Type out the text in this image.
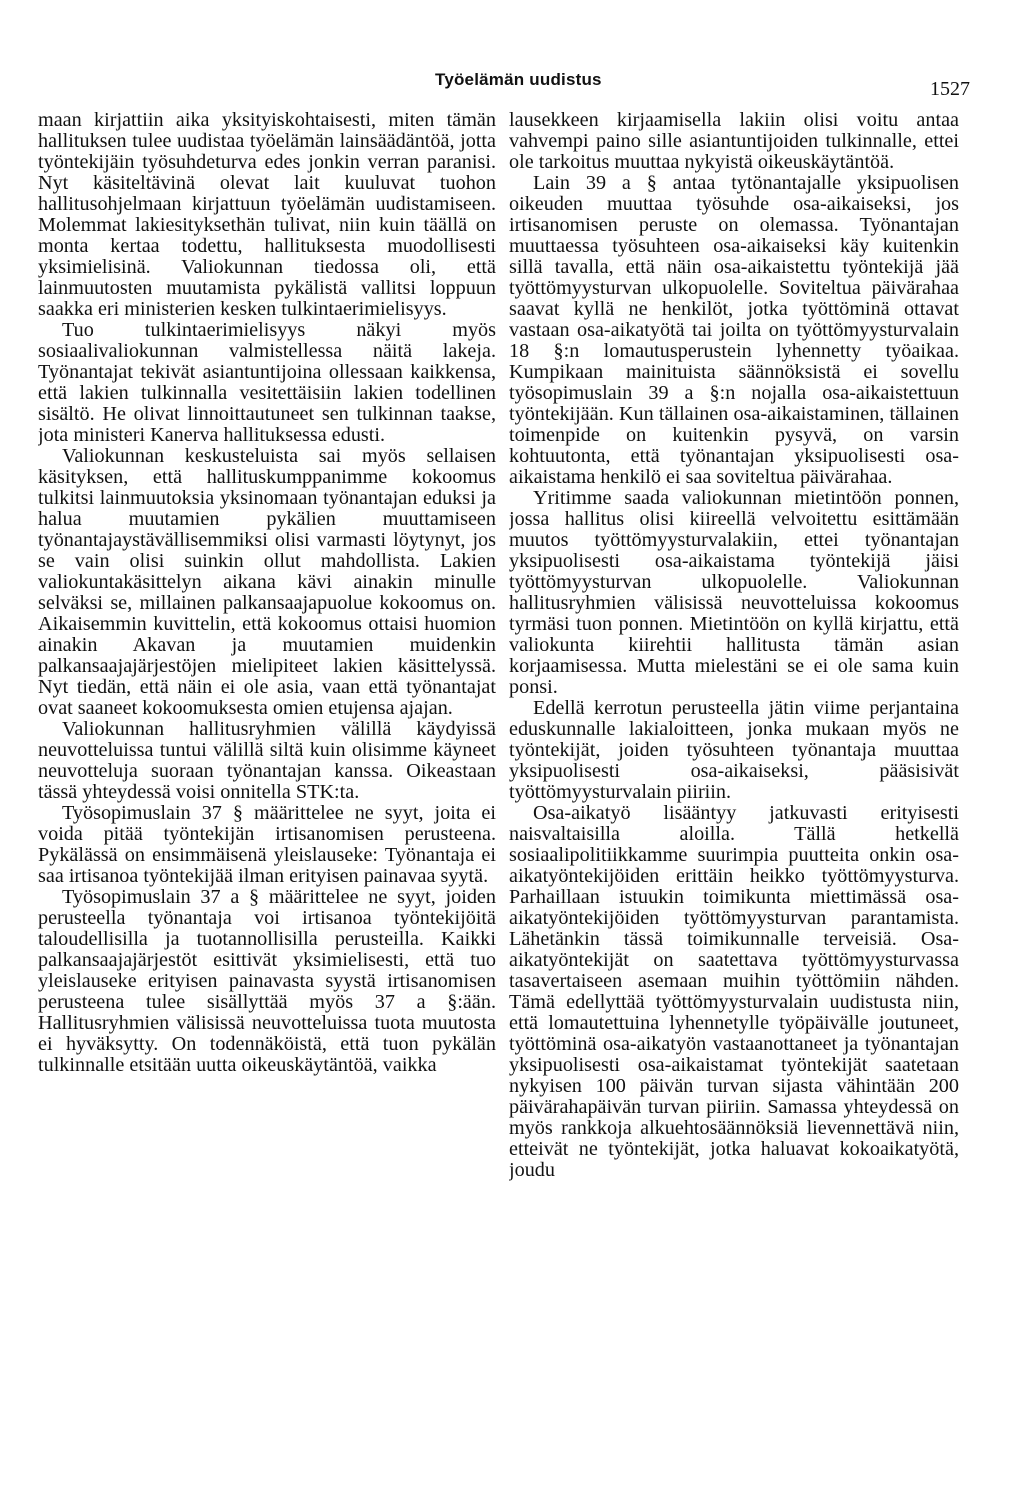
Työelämän uudistus	1527

maan kirjattiin aika yksityiskohtaisesti, miten tämän hallituksen tulee uudistaa työelämän lainsäädäntöä, jotta työntekijäin työsuhdeturva edes jonkin verran paranisi. Nyt käsiteltävinä olevat lait kuuluvat tuohon hallitusohjelmaan kirjattuun työelämän uudistamiseen. Molemmat lakiesityksethän tulivat, niin kuin täällä on monta kertaa todettu, hallituksesta muodollisesti yksimielisinä. Valiokunnan tiedossa oli, että lainmuutosten muutamista pykälistä vallitsi loppuun saakka eri ministerien kesken tulkintaerimielisyys.

Tuo tulkintaerimielisyys näkyi myös sosiaalivaliokunnan valmistellessa näitä lakeja. Työnantajat tekivät asiantuntijoina ollessaan kaikkensa, että lakien tulkinnalla vesitettäisiin lakien todellinen sisältö. He olivat linnoittautuneet sen tulkinnan taakse, jota ministeri Kanerva hallituksessa edusti.

Valiokunnan keskusteluista sai myös sellaisen käsityksen, että hallituskumppanimme kokoomus tulkitsi lainmuutoksia yksinomaan työnantajan eduksi ja halua muutamien pykälien muuttamiseen työnantajaystävällisemmiksi olisi varmasti löytynyt, jos se vain olisi suinkin ollut mahdollista. Lakien valiokuntakäsittelyn aikana kävi ainakin minulle selväksi se, millainen palkansaajapuolue kokoomus on. Aikaisemmin kuvittelin, että kokoomus ottaisi huomion ainakin Akavan ja muutamien muidenkin palkansaajajärjestöjen mielipiteet lakien käsittelyssä. Nyt tiedän, että näin ei ole asia, vaan että työnantajat ovat saaneet kokoomuksesta omien etujensa ajajan.

Valiokunnan hallitusryhmien välillä käydyissä neuvotteluissa tuntui välillä siltä kuin olisimme käyneet neuvotteluja suoraan työnantajan kanssa. Oikeastaan tässä yhteydessä voisi onnitella STK:ta.

Työsopimuslain 37 § määrittelee ne syyt, joita ei voida pitää työntekijän irtisanomisen perusteena. Pykälässä on ensimmäisenä yleislauseke: Työnantaja ei saa irtisanoa työntekijää ilman erityisen painavaa syytä.

Työsopimuslain 37 a § määrittelee ne syyt, joiden perusteella työnantaja voi irtisanoa työntekijöitä taloudellisilla ja tuotannollisilla perusteilla. Kaikki palkansaajajärjestöt esittivät yksimielisesti, että tuo yleislauseke erityisen painavasta syystä irtisanomisen perusteena tulee sisällyttää myös 37 a §:ään. Hallitusryhmien välisissä neuvotteluissa tuota muutosta ei hyväksytty. On todennäköistä, että tuon pykälän tulkinnalle etsitään uutta oikeuskäytäntöä, vaikka

lausekkeen kirjaamisella lakiin olisi voitu antaa vahvempi paino sille asiantuntijoiden tulkinnalle, ettei ole tarkoitus muuttaa nykyistä oikeuskäytäntöä.

Lain 39 a § antaa tytönantajalle yksipuolisen oikeuden muuttaa työsuhde osa-aikaiseksi, jos irtisanomisen peruste on olemassa. Työnantajan muuttaessa työsuhteen osa-aikaiseksi käy kuitenkin sillä tavalla, että näin osa-aikaistettu työntekijä jää työttömyysturvan ulkopuolelle. Soviteltua päivärahaa saavat kyllä ne henkilöt, jotka työttöminä ottavat vastaan osa-aikatyötä tai joilta on työttömyysturvalain 18 §:n lomautusperustein lyhennetty työaikaa. Kumpikaan mainituista säännöksistä ei sovellu työsopimuslain 39 a §:n nojalla osa-aikaistettuun työntekijään. Kun tällainen osa-aikaistaminen, tällainen toimenpide on kuitenkin pysyvä, on varsin kohtuutonta, että työnantajan yksipuolisesti osa-aikaistama henkilö ei saa soviteltua päivärahaa.

Yritimme saada valiokunnan mietintöön ponnen, jossa hallitus olisi kiireellä velvoitettu esittämään muutos työttömyysturvalakiin, ettei työnantajan yksipuolisesti osa-aikaistama työntekijä jäisi työttömyysturvan ulkopuolelle. Valiokunnan hallitusryhmien välisissä neuvotteluissa kokoomus tyrmäsi tuon ponnen. Mietintöön on kyllä kirjattu, että valiokunta kiirehtii hallitusta tämän asian korjaamisessa. Mutta mielestäni se ei ole sama kuin ponsi.

Edellä kerrotun perusteella jätin viime perjantaina eduskunnalle lakialoitteen, jonka mukaan myös ne työntekijät, joiden työsuhteen työnantaja muuttaa yksipuolisesti osa-aikaiseksi, pääsisivät työttömyysturvalain piiriin.

Osa-aikatyö lisääntyy jatkuvasti erityisesti naisvaltaisilla aloilla. Tällä hetkellä sosiaalipolitiikkamme suurimpia puutteita onkin osa-aikatyöntekijöiden erittäin heikko työttömyysturva. Parhaillaan istuukin toimikunta miettimässä osa-aikatyöntekijöiden työttömyysturvan parantamista. Lähetänkin tässä toimikunnalle terveisiä. Osa-aikatyöntekijät on saatettava työttömyysturvassa tasavertaiseen asemaan muihin työttömiin nähden. Tämä edellyttää työttömyysturvalain uudistusta niin, että lomautettuina lyhennetylle työpäivälle joutuneet, työttöminä osa-aikatyön vastaanottaneet ja työnantajan yksipuolisesti osa-aikaistamat työntekijät saatetaan nykyisen 100 päivän turvan sijasta vähintään 200 päivärahapäivän turvan piiriin. Samassa yhteydessä on myös rankkoja alkuehtosäännöksiä lievennettävä niin, etteivät ne työntekijät, jotka haluavat kokoaikatyötä, joudu
